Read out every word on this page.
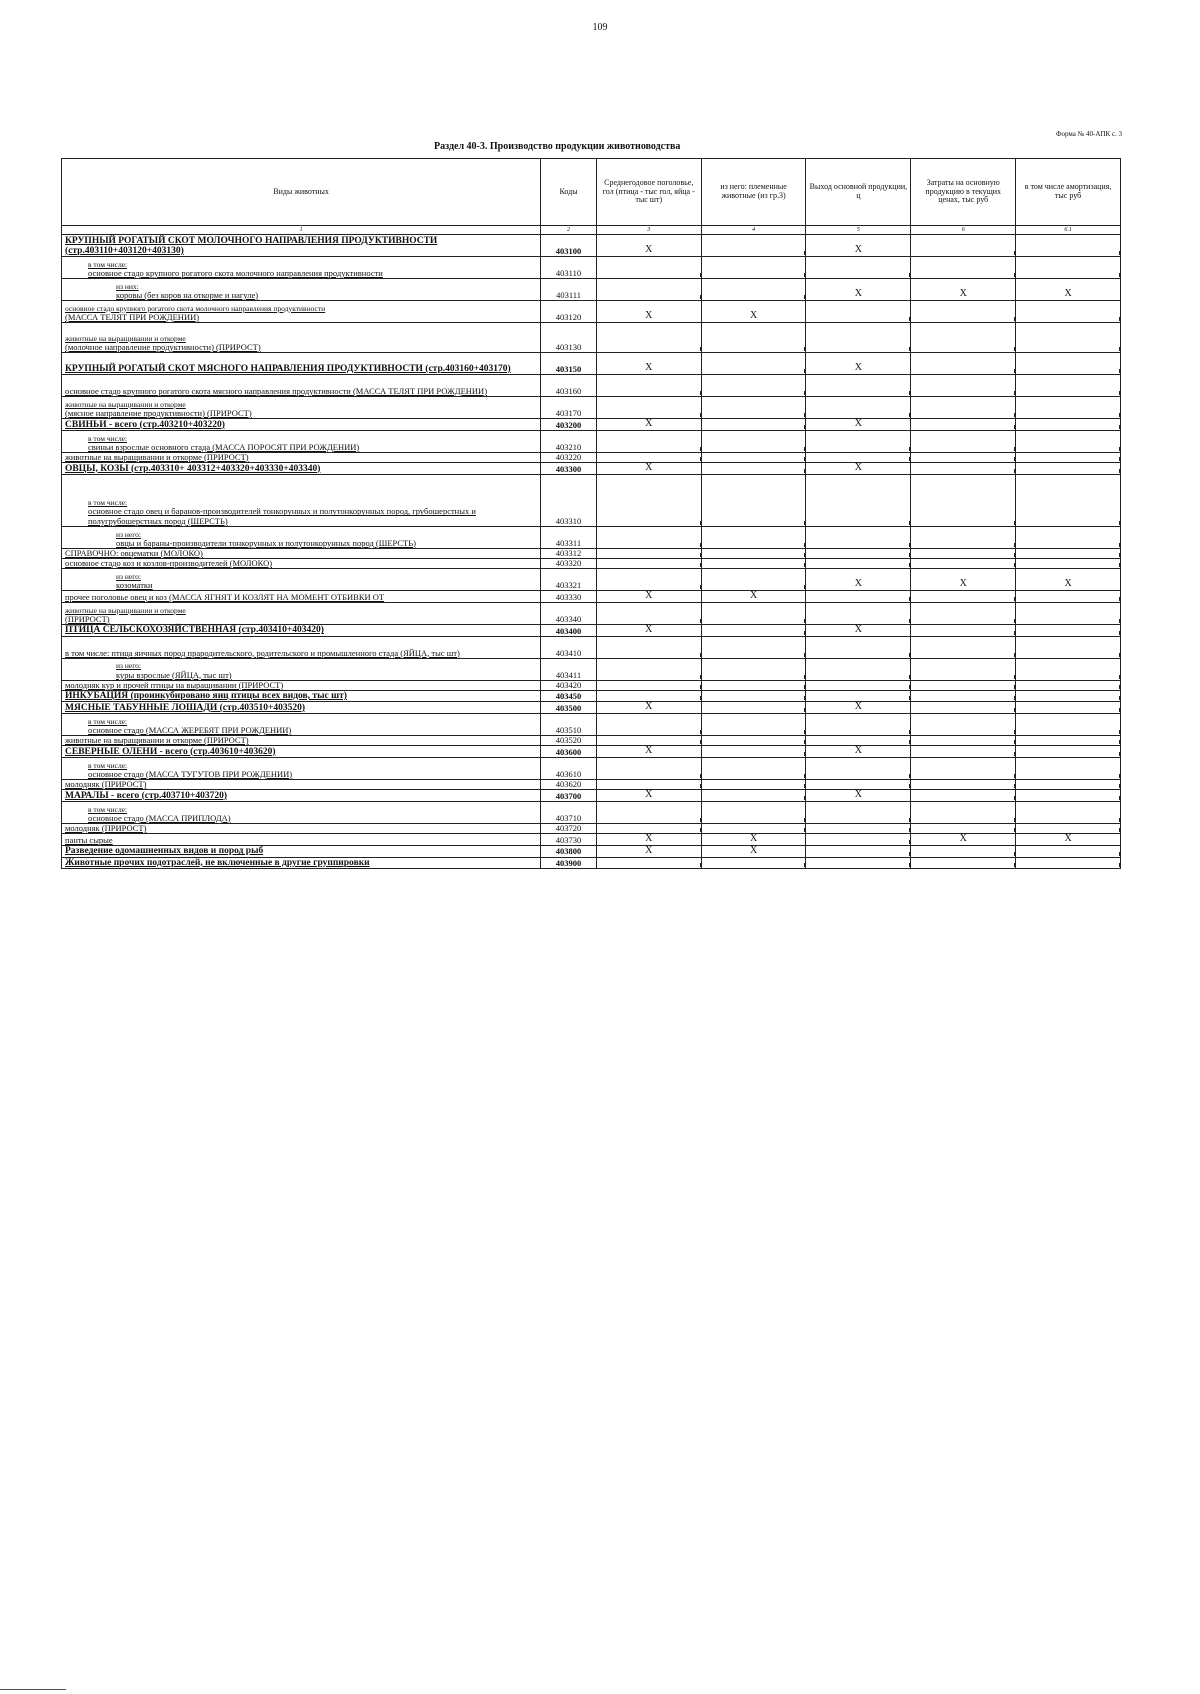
109
Форма № 40-АПК с. 3
Раздел 40-3. Производство продукции животноводства
Виды животных	Коды	Среднегодовое поголовье, гол (птица - тыс гол, яйца - тыс шт)	из него: племенные животные (из гр.3)	Выход основной продукции, ц	Затраты на основную продукцию в текущих ценах, тыс руб	в том числе амортизация, тыс руб
1	2	3	4	5	6	6.1
КРУПНЫЙ РОГАТЫЙ СКОТ МОЛОЧНОГО НАПРАВЛЕНИЯ ПРОДУКТИВНОСТИ (стр.403110+403120+403130)	403100	X		X		

в том числе:
основное стадо крупного рогатого скота молочного направления продуктивности	403110					

из них:
коровы (без коров на откорме и нагуле)	403111			X	X	X

основное стадо крупного рогатого скота молочного направления продуктивности
(МАССА ТЕЛЯТ ПРИ РОЖДЕНИИ)	403120	X	X			

животные на выращивании и откорме
(молочное направление продуктивности) (ПРИРОСТ)	403130					
КРУПНЫЙ РОГАТЫЙ СКОТ МЯСНОГО НАПРАВЛЕНИЯ ПРОДУКТИВНОСТИ (стр.403160+403170)	403150	X		X		
основное стадо крупного рогатого скота мясного направления продуктивности (МАССА ТЕЛЯТ ПРИ РОЖДЕНИИ)	403160					

животные на выращивании и откорме
(мясное направление продуктивности) (ПРИРОСТ)	403170					
СВИНЬИ - всего (стр.403210+403220)	403200	X		X		

в том числе:
свиньи взрослые основного стада (МАССА ПОРОСЯТ ПРИ РОЖДЕНИИ)	403210					
животные на выращивании и откорме (ПРИРОСТ)	403220					
ОВЦЫ, КОЗЫ (стр.403310+ 403312+403320+403330+403340)	403300	X		X		

в том числе:
основное стадо овец и баранов-производителей тонкорунных и полутонкорунных пород, грубошерстных и полугрубошерстных пород (ШЕРСТЬ)	403310					

из него:
овцы и бараны-производители тонкорунных и полутонкорунных пород (ШЕРСТЬ)	403311					
СПРАВОЧНО: овцематки (МОЛОКО)	403312					
основное стадо коз и козлов-производителей (МОЛОКО)	403320					

из него:
козоматки	403321			X	X	X
прочее поголовье овец и коз (МАССА ЯГНЯТ И КОЗЛЯТ НА МОМЕНТ ОТБИВКИ ОТ	403330	X	X			

животные на выращивании и откорме
(ПРИРОСТ)	403340					
ПТИЦА СЕЛЬСКОХОЗЯЙСТВЕННАЯ (стр.403410+403420)	403400	X		X		
в том числе: птица яичных пород прародительского, родительского и промышленного стада (ЯЙЦА, тыс шт)	403410					

из него:
куры взрослые (ЯЙЦА, тыс шт)	403411					
молодняк кур и прочей птицы на выращивании (ПРИРОСТ)	403420					
ИНКУБАЦИЯ (проинкубировано яиц птицы всех видов, тыс шт)	403450					
МЯСНЫЕ ТАБУННЫЕ ЛОШАДИ (стр.403510+403520)	403500	X		X		

в том числе:
основное стадо (МАССА ЖЕРЕБЯТ ПРИ РОЖДЕНИИ)	403510					
животные на выращивании и откорме (ПРИРОСТ)	403520					
СЕВЕРНЫЕ ОЛЕНИ - всего (стр.403610+403620)	403600	X		X		

в том числе:
основное стадо (МАССА ТУГУТОВ ПРИ РОЖДЕНИИ)	403610					
молодняк (ПРИРОСТ)	403620					
МАРАЛЫ - всего (стр.403710+403720)	403700	X		X		

в том числе:
основное стадо (МАССА ПРИПЛОДА)	403710					
молодняк (ПРИРОСТ)	403720					
панты сырые	403730	X	X		X	X
Разведение одомашненных видов и пород рыб	403800	X	X			
Животные прочих подотраслей, не включенные в другие группировки	403900					
